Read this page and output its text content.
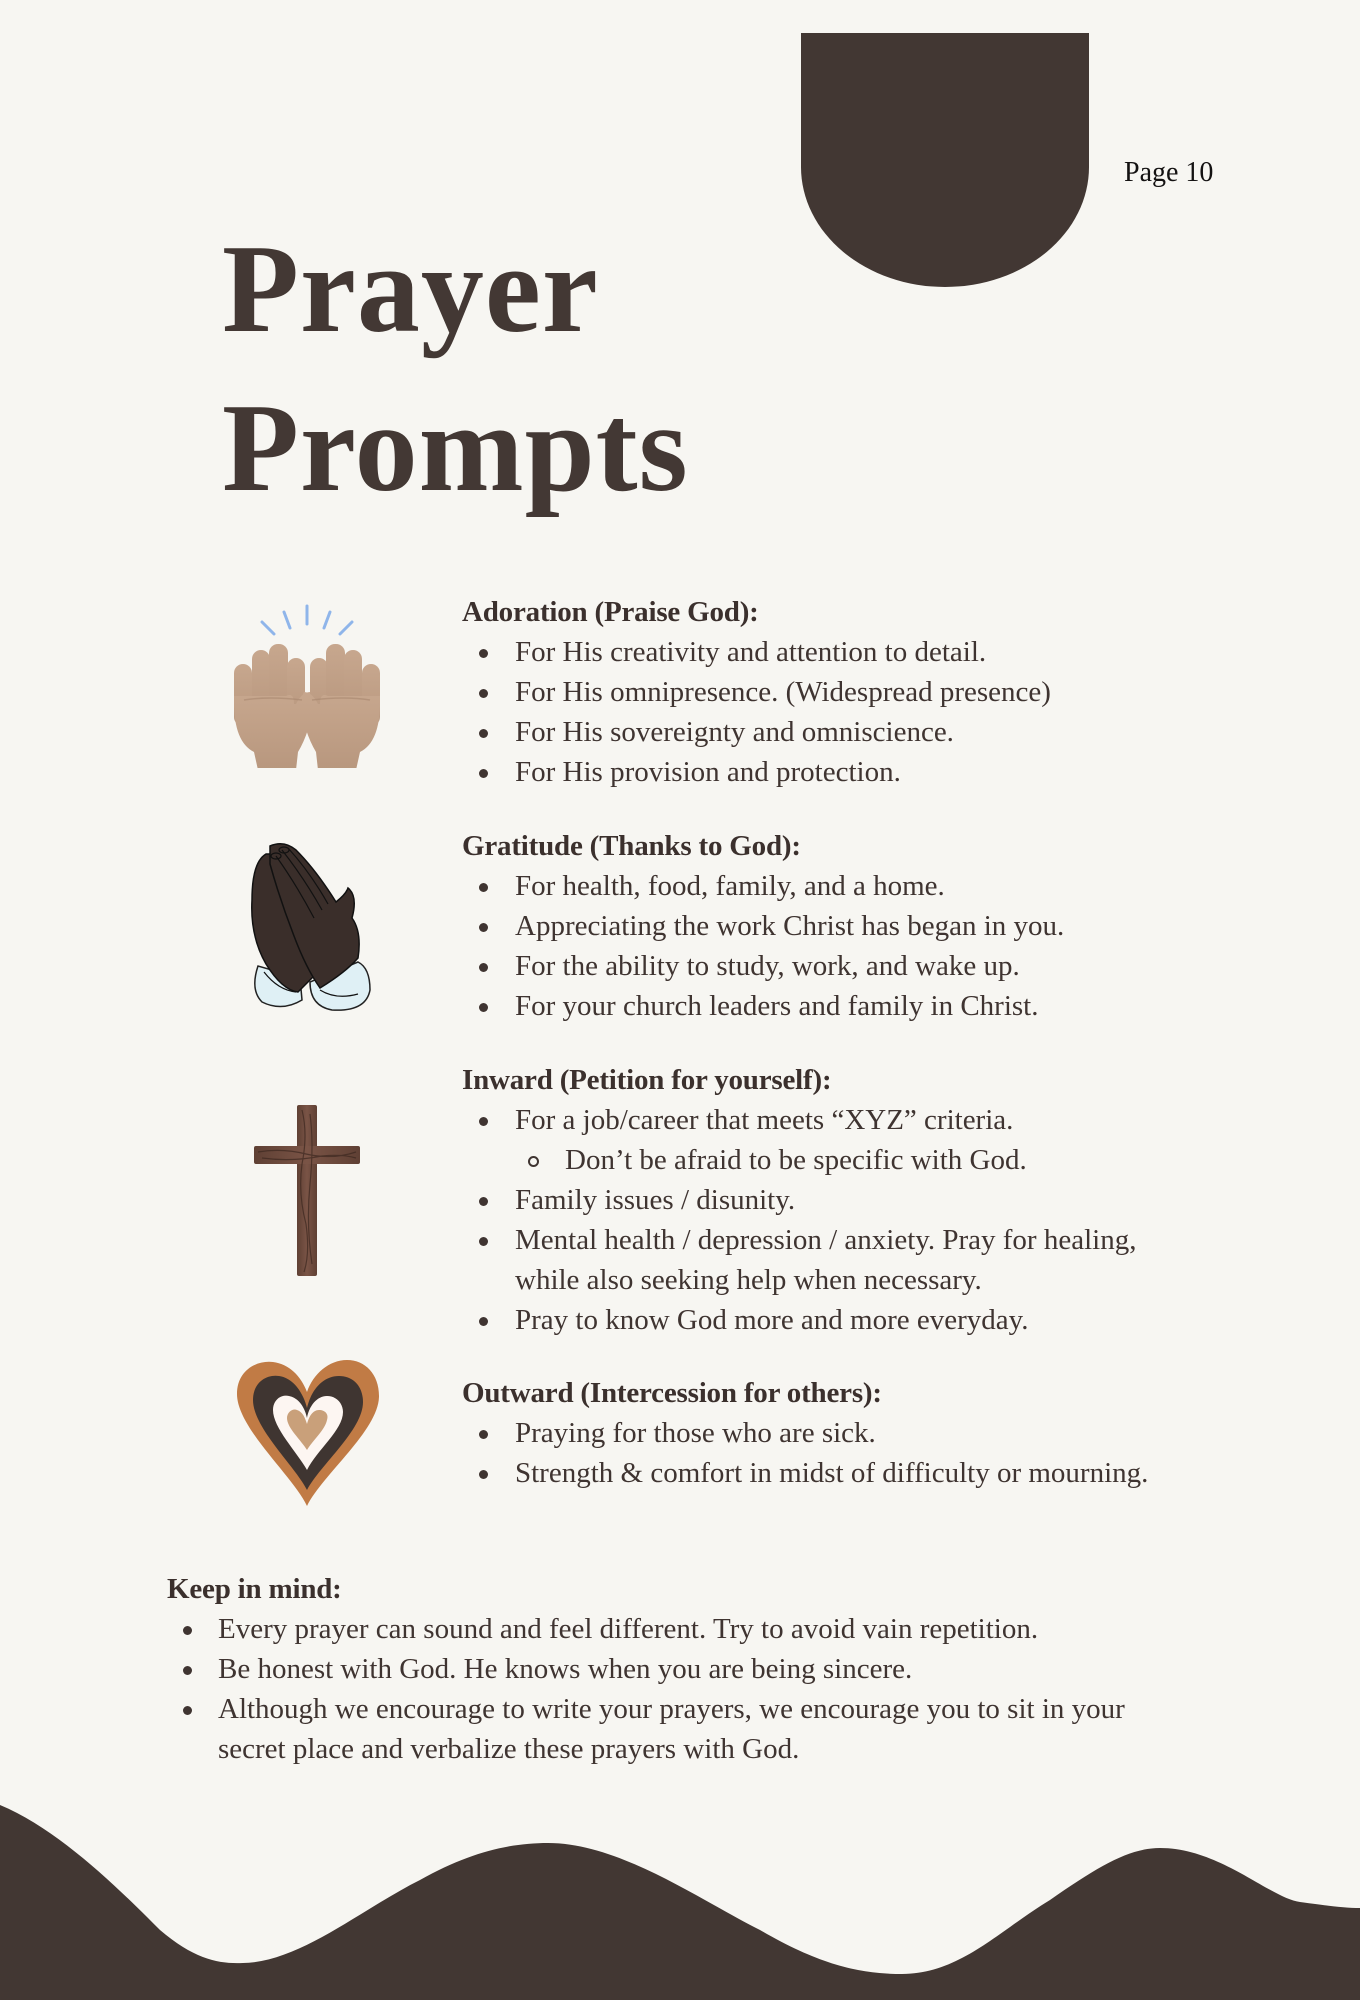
Page 10
Prayer
Prompts
Adoration (Praise God):
For His creativity and attention to detail.
For His omnipresence. (Widespread presence)
For His sovereignty and omniscience.
For His provision and protection.
Gratitude (Thanks to God):
For health, food, family, and a home.
Appreciating the work Christ has began in you.
For the ability to study, work, and wake up.
For your church leaders and family in Christ.
Inward (Petition for yourself):
For a job/career that meets “XYZ” criteria.
Don’t be afraid to be specific with God.
Family issues / disunity.
Mental health / depression / anxiety. Pray for healing, while also seeking help when necessary.
Pray to know God more and more everyday.
Outward (Intercession for others):
Praying for those who are sick.
Strength & comfort in midst of difficulty or mourning.
Keep in mind:
Every prayer can sound and feel different. Try to avoid vain repetition.
Be honest with God. He knows when you are being sincere.
Although we encourage to write your prayers, we encourage you to sit in your secret place and verbalize these prayers with God.
